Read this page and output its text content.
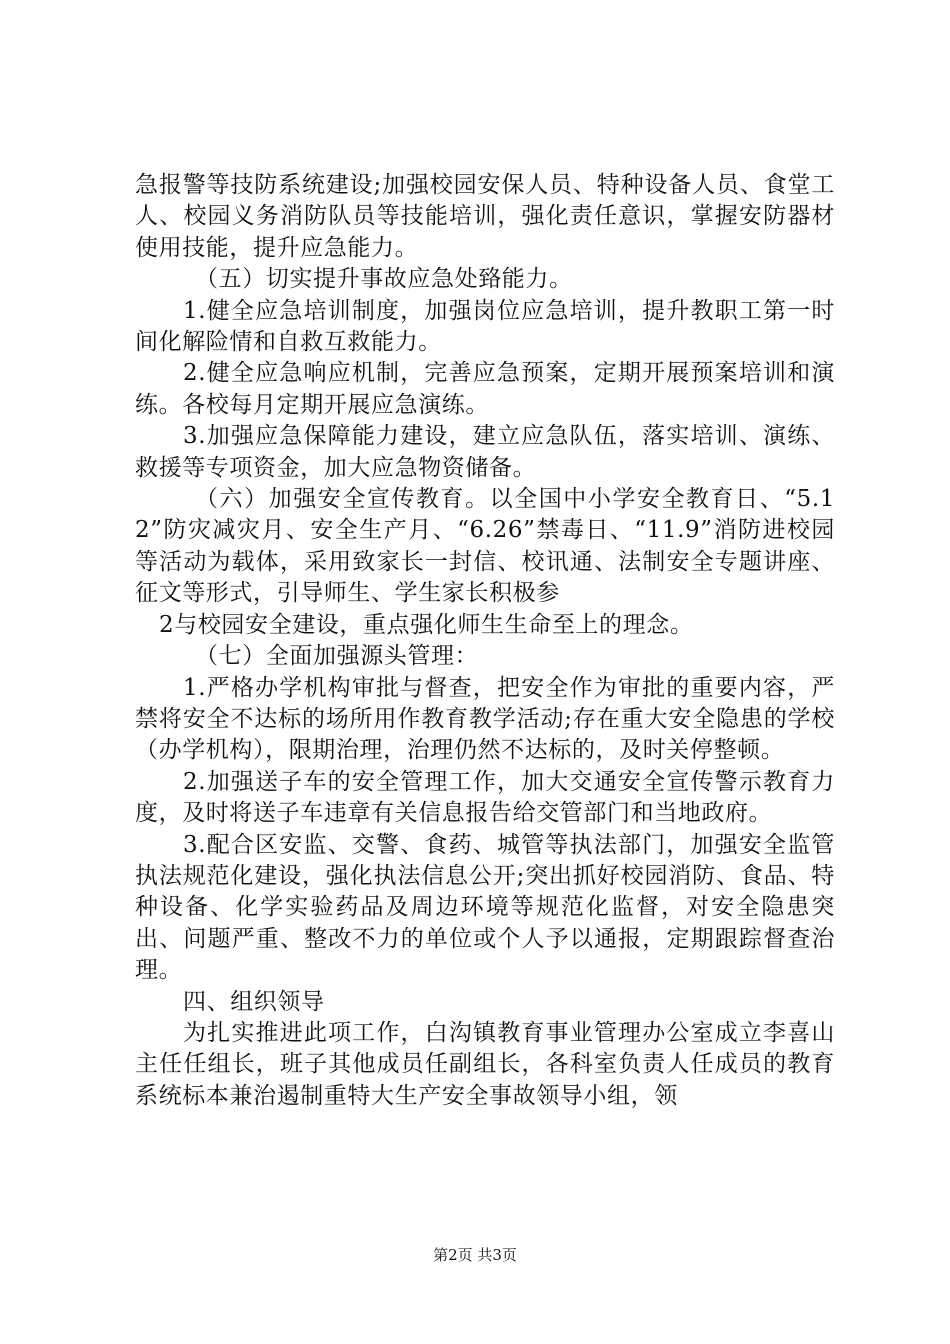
急报警等技防系统建设;加强校园安保人员、特种设备人员、食堂工人、校园义务消防队员等技能培训，强化责任意识，掌握安防器材使用技能，提升应急能力。

（五）切实提升事故应急处臵能力。

1.健全应急培训制度，加强岗位应急培训，提升教职工第一时间化解险情和自救互救能力。

2.健全应急响应机制，完善应急预案，定期开展预案培训和演练。各校每月定期开展应急演练。

3.加强应急保障能力建设，建立应急队伍，落实培训、演练、救援等专项资金，加大应急物资储备。

（六）加强安全宣传教育。以全国中小学安全教育日、“5.12”防灾减灾月、安全生产月、“6.26”禁毒日、“11.9”消防进校园等活动为载体，采用致家长一封信、校讯通、法制安全专题讲座、征文等形式，引导师生、学生家长积极参

2与校园安全建设，重点强化师生生命至上的理念。

（七）全面加强源头管理：

1.严格办学机构审批与督查，把安全作为审批的重要内容，严禁将安全不达标的场所用作教育教学活动;存在重大安全隐患的学校（办学机构），限期治理，治理仍然不达标的，及时关停整顿。

2.加强送子车的安全管理工作，加大交通安全宣传警示教育力度，及时将送子车违章有关信息报告给交管部门和当地政府。

3.配合区安监、交警、食药、城管等执法部门，加强安全监管执法规范化建设，强化执法信息公开;突出抓好校园消防、食品、特种设备、化学实验药品及周边环境等规范化监督，对安全隐患突出、问题严重、整改不力的单位或个人予以通报，定期跟踪督查治理。

四、组织领导

为扎实推进此项工作，白沟镇教育事业管理办公室成立李喜山主任任组长，班子其他成员任副组长，各科室负责人任成员的教育系统标本兼治遏制重特大生产安全事故领导小组，领

第2页 共3页
